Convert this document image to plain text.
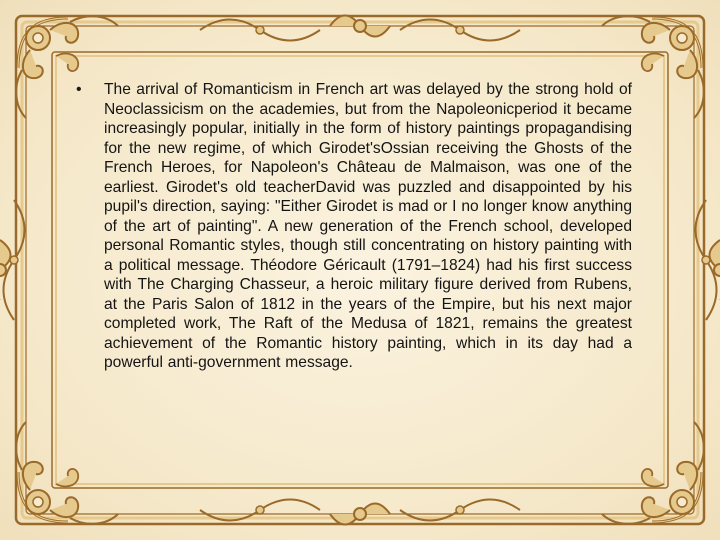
•	The arrival of Romanticism in French art was delayed by the strong hold of Neoclassicism on the academies, but from the Napoleonicperiod it became increasingly popular, initially in the form of history paintings propagandising for the new regime, of which Girodet'sOssian receiving the Ghosts of the French Heroes, for Napoleon's Château de Malmaison, was one of the earliest. Girodet's old teacherDavid was puzzled and disappointed by his pupil's direction, saying: "Either Girodet is mad or I no longer know anything of the art of painting". A new generation of the French school, developed personal Romantic styles, though still concentrating on history painting with a political message. Théodore Géricault (1791–1824) had his first success with The Charging Chasseur, a heroic military figure derived from Rubens, at the Paris Salon of 1812 in the years of the Empire, but his next major completed work, The Raft of the Medusa of 1821, remains the greatest achievement of the Romantic history painting, which in its day had a powerful anti-government message.
